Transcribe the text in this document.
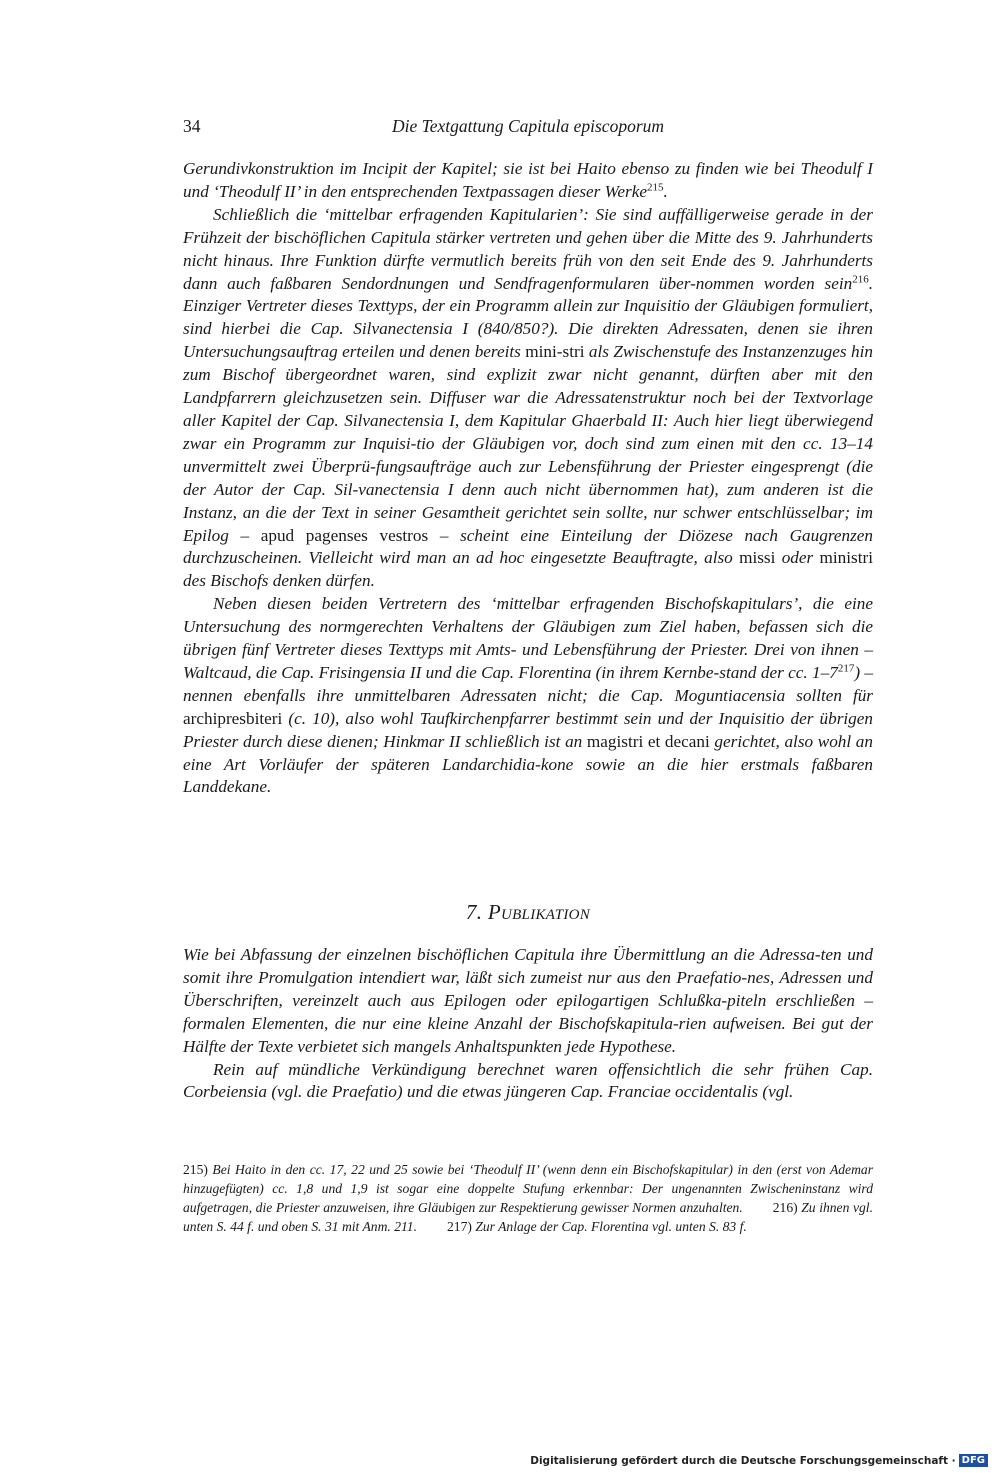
34	Die Textgattung Capitula episcoporum

Gerundivkonstruktion im Incipit der Kapitel; sie ist bei Haito ebenso zu finden wie bei Theodulf I und ‘Theodulf II’ in den entsprechenden Textpassagen dieser Werke$^{215}$.

Schließlich die ‘mittelbar erfragenden Kapitularien’: Sie sind auffälligerweise gerade in der Frühzeit der bischöflichen Capitula stärker vertreten und gehen über die Mitte des 9. Jahrhunderts nicht hinaus. Ihre Funktion dürfte vermutlich bereits früh von den seit Ende des 9. Jahrhunderts dann auch faßbaren Sendordnungen und Sendfragenformularen über-nommen worden sein$^{216}$. Einziger Vertreter dieses Texttyps, der ein Programm allein zur Inquisitio der Gläubigen formuliert, sind hierbei die Cap. Silvanectensia I (840/850?). Die direkten Adressaten, denen sie ihren Untersuchungsauftrag erteilen und denen bereits mini-stri als Zwischenstufe des Instanzenzuges hin zum Bischof übergeordnet waren, sind explizit zwar nicht genannt, dürften aber mit den Landpfarrern gleichzusetzen sein. Diffuser war die Adressatenstruktur noch bei der Textvorlage aller Kapitel der Cap. Silvanectensia I, dem Kapitular Ghaerbald II: Auch hier liegt überwiegend zwar ein Programm zur Inquisi-tio der Gläubigen vor, doch sind zum einen mit den cc. 13–14 unvermittelt zwei Überprü-fungsaufträge auch zur Lebensführung der Priester eingesprengt (die der Autor der Cap. Sil-vanectensia I denn auch nicht übernommen hat), zum anderen ist die Instanz, an die der Text in seiner Gesamtheit gerichtet sein sollte, nur schwer entschlüsselbar; im Epilog – apud pagenses vestros – scheint eine Einteilung der Diözese nach Gaugrenzen durchzuscheinen. Vielleicht wird man an ad hoc eingesetzte Beauftragte, also missi oder ministri des Bischofs denken dürfen.

Neben diesen beiden Vertretern des ‘mittelbar erfragenden Bischofskapitulars’, die eine Untersuchung des normgerechten Verhaltens der Gläubigen zum Ziel haben, befassen sich die übrigen fünf Vertreter dieses Texttyps mit Amts- und Lebensführung der Priester. Drei von ihnen – Waltcaud, die Cap. Frisingensia II und die Cap. Florentina (in ihrem Kernbe-stand der cc. $1-7^{217}$) – nennen ebenfalls ihre unmittelbaren Adressaten nicht; die Cap. Moguntiacensia sollten für archipresbiteri (c. 10), also wohl Taufkirchenpfarrer bestimmt sein und der Inquisitio der übrigen Priester durch diese dienen; Hinkmar II schließlich ist an magistri et decani gerichtet, also wohl an eine Art Vorläufer der späteren Landarchidia-kone sowie an die hier erstmals faßbaren Landdekane.

7. Publikation

Wie bei Abfassung der einzelnen bischöflichen Capitula ihre Übermittlung an die Adressa-ten und somit ihre Promulgation intendiert war, läßt sich zumeist nur aus den Praefatio-nes, Adressen und Überschriften, vereinzelt auch aus Epilogen oder epilogartigen Schlußka-piteln erschließen – formalen Elementen, die nur eine kleine Anzahl der Bischofskapitula-rien aufweisen. Bei gut der Hälfte der Texte verbietet sich mangels Anhaltspunkten jede Hypothese.

Rein auf mündliche Verkündigung berechnet waren offensichtlich die sehr frühen Cap. Corbeiensia (vgl. die Praefatio) und die etwas jüngeren Cap. Franciae occidentalis (vgl.

215) Bei Haito in den cc. 17, 22 und 25 sowie bei ‘Theodulf II’ (wenn denn ein Bischofskapitular) in den (erst von Ademar hinzugefügten) cc. 1,8 und 1,9 ist sogar eine doppelte Stufung erkennbar: Der ungenannten Zwischeninstanz wird aufgetragen, die Priester anzuweisen, ihre Gläubigen zur Respektierung gewisser Normen anzuhalten. 216) Zu ihnen vgl. unten S. 44 f. und oben S. 31 mit Anm. 211. 217) Zur Anlage der Cap. Florentina vgl. unten S. 83 f.
Digitalisierung gefördert durch die Deutsche Forschungsgemeinschaft · DFG
